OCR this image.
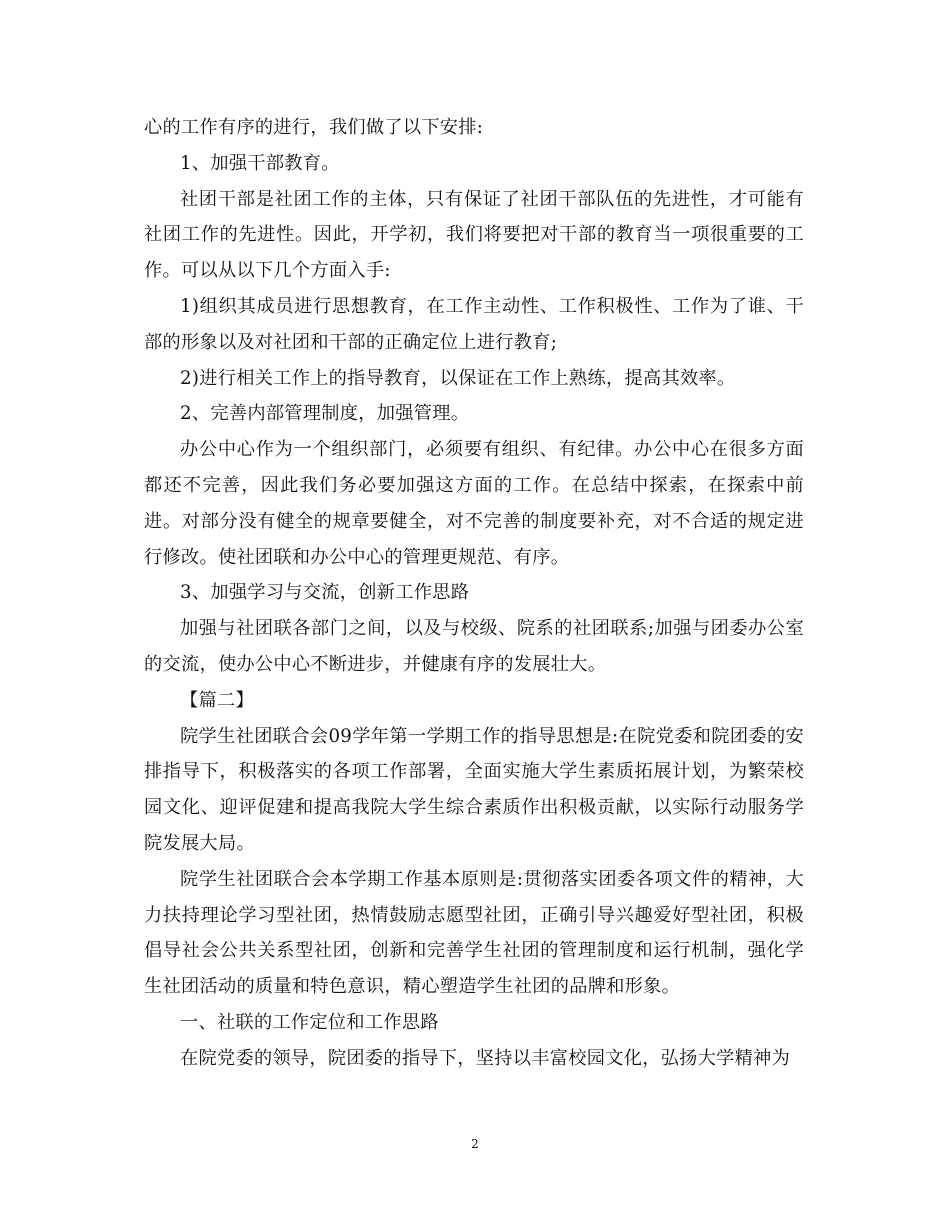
心的工作有序的进行，我们做了以下安排:

1、加强干部教育。

社团干部是社团工作的主体，只有保证了社团干部队伍的先进性，才可能有社团工作的先进性。因此，开学初，我们将要把对干部的教育当一项很重要的工作。可以从以下几个方面入手:

1)组织其成员进行思想教育，在工作主动性、工作积极性、工作为了谁、干部的形象以及对社团和干部的正确定位上进行教育;

2)进行相关工作上的指导教育，以保证在工作上熟练，提高其效率。

2、完善内部管理制度，加强管理。

办公中心作为一个组织部门，必须要有组织、有纪律。办公中心在很多方面都还不完善，因此我们务必要加强这方面的工作。在总结中探索，在探索中前进。对部分没有健全的规章要健全，对不完善的制度要补充，对不合适的规定进行修改。使社团联和办公中心的管理更规范、有序。

3、加强学习与交流，创新工作思路

加强与社团联各部门之间，以及与校级、院系的社团联系;加强与团委办公室的交流，使办公中心不断进步，并健康有序的发展壮大。

【篇二】

院学生社团联合会09学年第一学期工作的指导思想是:在院党委和院团委的安排指导下，积极落实的各项工作部署，全面实施大学生素质拓展计划，为繁荣校园文化、迎评促建和提高我院大学生综合素质作出积极贡献，以实际行动服务学院发展大局。

院学生社团联合会本学期工作基本原则是:贯彻落实团委各项文件的精神，大力扶持理论学习型社团，热情鼓励志愿型社团，正确引导兴趣爱好型社团，积极倡导社会公共关系型社团，创新和完善学生社团的管理制度和运行机制，强化学生社团活动的质量和特色意识，精心塑造学生社团的品牌和形象。

一、社联的工作定位和工作思路

在院党委的领导，院团委的指导下，坚持以丰富校园文化，弘扬大学精神为

2
